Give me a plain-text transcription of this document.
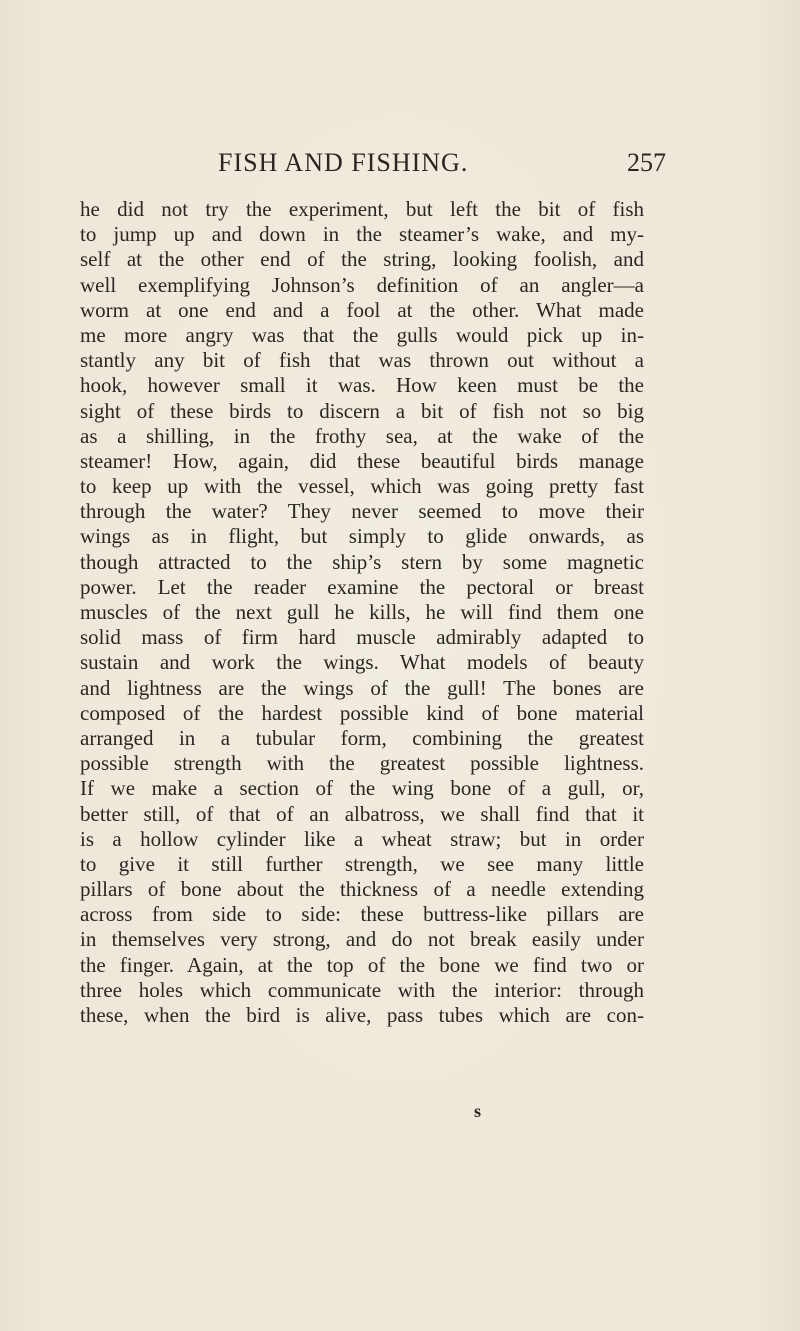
FISH AND FISHING.	257
he did not try the experiment, but left the bit of fish
to jump up and down in the steamer’s wake, and my-
self at the other end of the string, looking foolish, and
well exemplifying Johnson’s definition of an angler—a
worm at one end and a fool at the other. What made
me more angry was that the gulls would pick up in-
stantly any bit of fish that was thrown out without a
hook, however small it was. How keen must be the
sight of these birds to discern a bit of fish not so big
as a shilling, in the frothy sea, at the wake of the
steamer! How, again, did these beautiful birds manage
to keep up with the vessel, which was going pretty fast
through the water? They never seemed to move their
wings as in flight, but simply to glide onwards, as
though attracted to the ship’s stern by some magnetic
power. Let the reader examine the pectoral or breast
muscles of the next gull he kills, he will find them one
solid mass of firm hard muscle admirably adapted to
sustain and work the wings. What models of beauty
and lightness are the wings of the gull! The bones are
composed of the hardest possible kind of bone material
arranged in a tubular form, combining the greatest
possible strength with the greatest possible lightness.
If we make a section of the wing bone of a gull, or,
better still, of that of an albatross, we shall find that it
is a hollow cylinder like a wheat straw; but in order
to give it still further strength, we see many little
pillars of bone about the thickness of a needle extending
across from side to side: these buttress-like pillars are
in themselves very strong, and do not break easily under
the finger. Again, at the top of the bone we find two or
three holes which communicate with the interior: through
these, when the bird is alive, pass tubes which are con-
s
